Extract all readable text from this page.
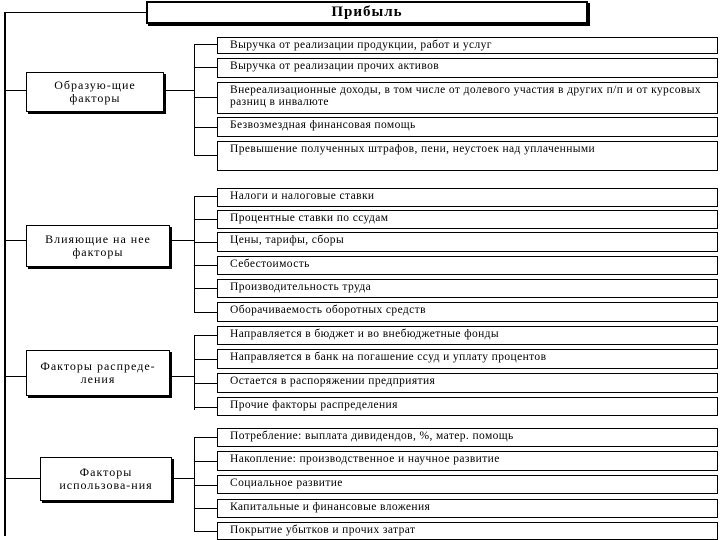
Прибыль
Образую-щие факторы
Влияющие на нее факторы
Факторы распреде-ления
Факторы использова-ния
Выручка от реализации продукции, работ и услуг
Выручка от реализации прочих активов
Внереализационные доходы, в том числе от долевого участия в других п/п и от курсовых разниц в инвалюте
Безвозмездная финансовая помощь
Превышение полученных штрафов, пени, неустоек над уплаченными
Налоги и налоговые ставки
Процентные ставки по ссудам
Цены, тарифы, сборы
Себестоимость
Производительность труда
Оборачиваемость оборотных средств
Направляется в бюджет и во внебюджетные фонды
Направляется в банк на погашение ссуд и уплату процентов
Остается в распоряжении предприятия
Прочие факторы распределения
Потребление: выплата дивидендов, %, матер. помощь
Накопление: производственное и научное развитие
Социальное развитие
Капитальные и финансовые вложения
Покрытие убытков и прочих затрат
